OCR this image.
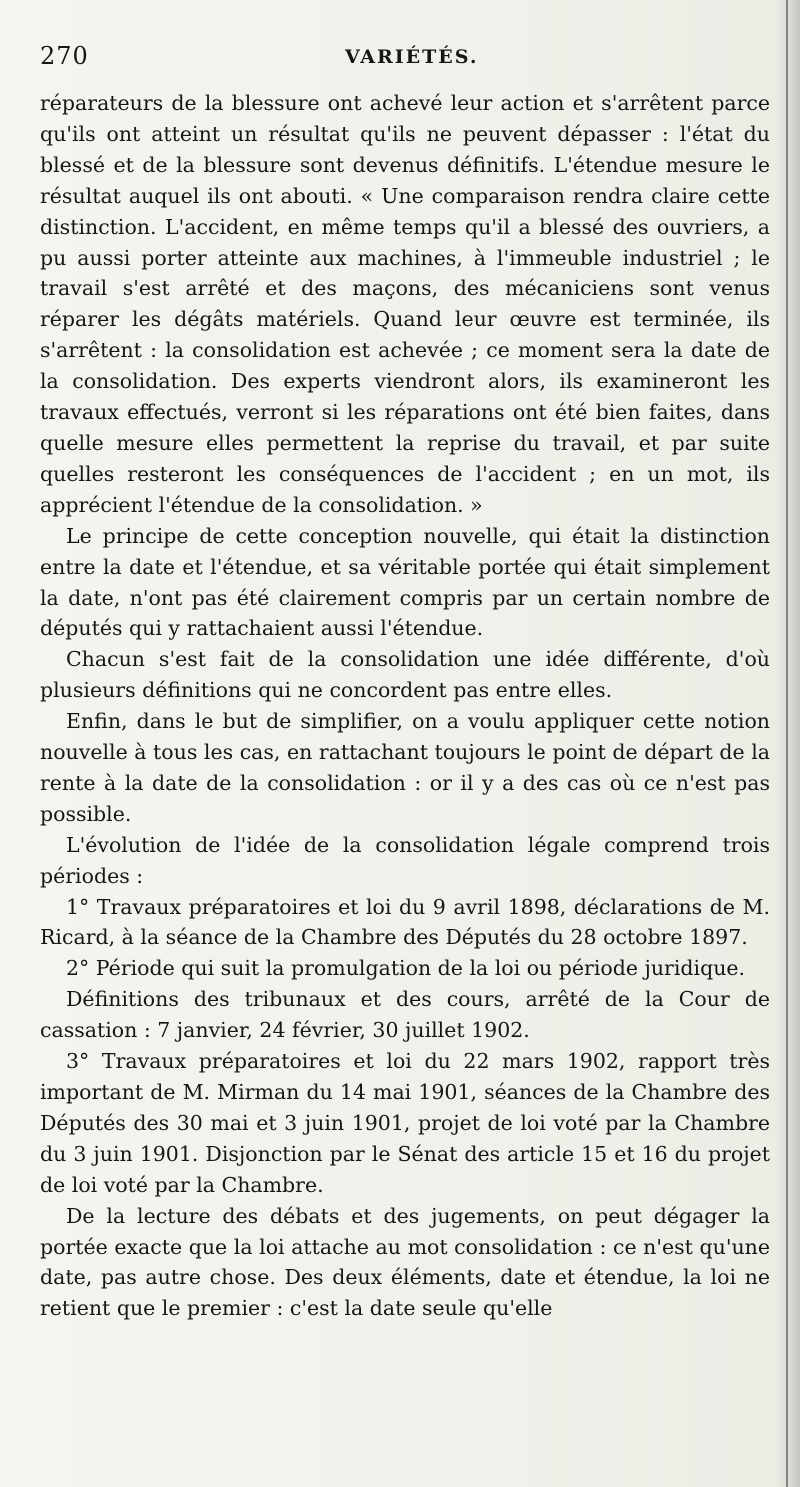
270	VARIÉTÉS.

réparateurs de la blessure ont achevé leur action et s'arrêtent parce qu'ils ont atteint un résultat qu'ils ne peuvent dépasser : l'état du blessé et de la blessure sont devenus définitifs. L'étendue mesure le résultat auquel ils ont abouti. « Une comparaison rendra claire cette distinction. L'accident, en même temps qu'il a blessé des ouvriers, a pu aussi porter atteinte aux machines, à l'immeuble industriel ; le travail s'est arrêté et des maçons, des mécaniciens sont venus réparer les dégâts matériels. Quand leur œuvre est terminée, ils s'arrêtent : la consolidation est achevée ; ce moment sera la date de la consolidation. Des experts viendront alors, ils examineront les travaux effectués, verront si les réparations ont été bien faites, dans quelle mesure elles permettent la reprise du travail, et par suite quelles resteront les conséquences de l'accident ; en un mot, ils apprécient l'étendue de la consolidation. »

Le principe de cette conception nouvelle, qui était la distinction entre la date et l'étendue, et sa véritable portée qui était simplement la date, n'ont pas été clairement compris par un certain nombre de députés qui y rattachaient aussi l'étendue.

Chacun s'est fait de la consolidation une idée différente, d'où plusieurs définitions qui ne concordent pas entre elles.

Enfin, dans le but de simplifier, on a voulu appliquer cette notion nouvelle à tous les cas, en rattachant toujours le point de départ de la rente à la date de la consolidation : or il y a des cas où ce n'est pas possible.

L'évolution de l'idée de la consolidation légale comprend trois périodes :

1° Travaux préparatoires et loi du 9 avril 1898, déclarations de M. Ricard, à la séance de la Chambre des Députés du 28 octobre 1897.

2° Période qui suit la promulgation de la loi ou période juridique.

Définitions des tribunaux et des cours, arrêté de la Cour de cassation : 7 janvier, 24 février, 30 juillet 1902.

3° Travaux préparatoires et loi du 22 mars 1902, rapport très important de M. Mirman du 14 mai 1901, séances de la Chambre des Députés des 30 mai et 3 juin 1901, projet de loi voté par la Chambre du 3 juin 1901. Disjonction par le Sénat des article 15 et 16 du projet de loi voté par la Chambre.

De la lecture des débats et des jugements, on peut dégager la portée exacte que la loi attache au mot consolidation : ce n'est qu'une date, pas autre chose. Des deux éléments, date et étendue, la loi ne retient que le premier : c'est la date seule qu'elle
